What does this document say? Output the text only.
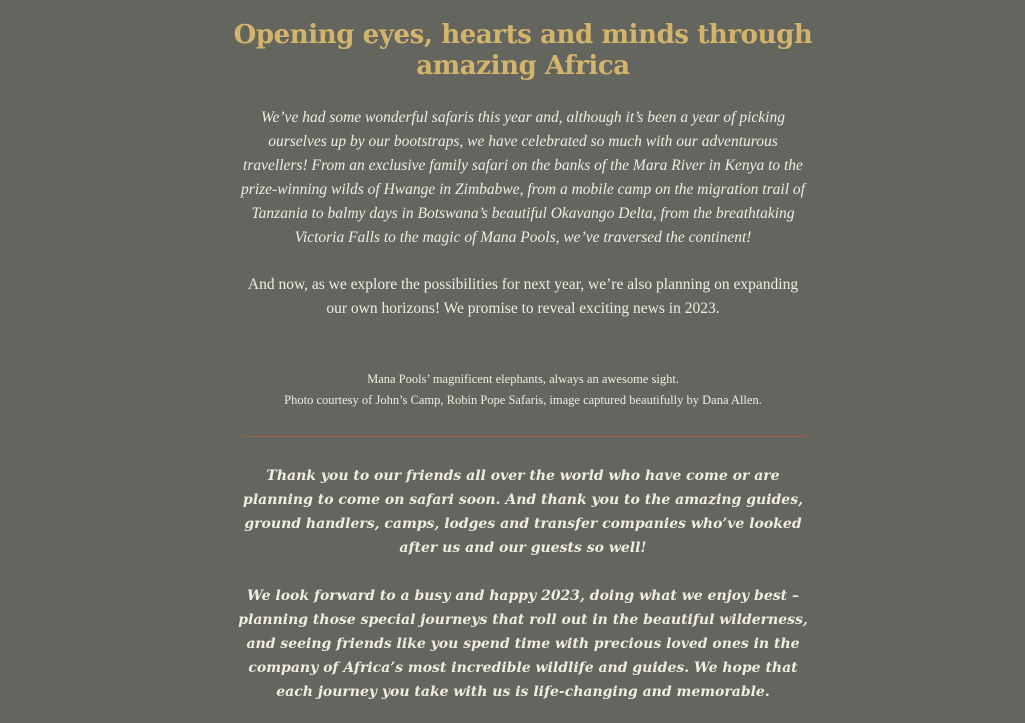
Opening eyes, hearts and minds through amazing Africa

We’ve had some wonderful safaris this year and, although it’s been a year of picking ourselves up by our bootstraps, we have celebrated so much with our adventurous travellers! From an exclusive family safari on the banks of the Mara River in Kenya to the prize-winning wilds of Hwange in Zimbabwe, from a mobile camp on the migration trail of Tanzania to balmy days in Botswana’s beautiful Okavango Delta, from the breathtaking Victoria Falls to the magic of Mana Pools, we’ve traversed the continent!

And now, as we explore the possibilities for next year, we’re also planning on expanding our own horizons! We promise to reveal exciting news in 2023.

Mana Pools’ magnificent elephants, always an awesome sight.
Photo courtesy of John’s Camp, Robin Pope Safaris, image captured beautifully by Dana Allen.

Thank you to our friends all over the world who have come or are planning to come on safari soon. And thank you to the amazing guides, ground handlers, camps, lodges and transfer companies who’ve looked after us and our guests so well!

We look forward to a busy and happy 2023, doing what we enjoy best – planning those special journeys that roll out in the beautiful wilderness, and seeing friends like you spend time with precious loved ones in the company of Africa’s most incredible wildlife and guides. We hope that each journey you take with us is life-changing and memorable.
